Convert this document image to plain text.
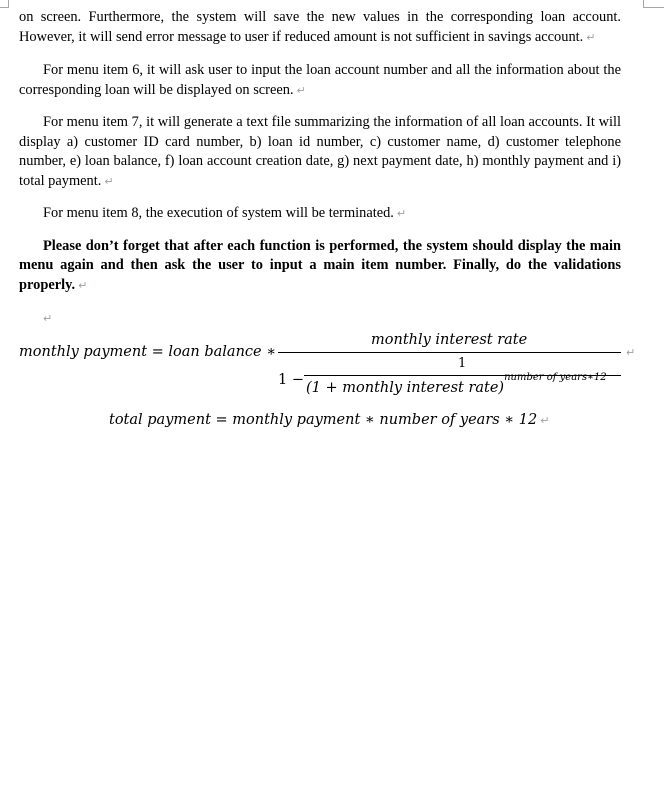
on screen. Furthermore, the system will save the new values in the corresponding loan account. However, it will send error message to user if reduced amount is not sufficient in savings account. ↵

For menu item 6, it will ask user to input the loan account number and all the information about the corresponding loan will be displayed on screen. ↵

For menu item 7, it will generate a text file summarizing the information of all loan accounts. It will display a) customer ID card number, b) loan id number, c) customer name, d) customer telephone number, e) loan balance, f) loan account creation date, g) next payment date, h) monthly payment and i) total payment. ↵

For menu item 8, the execution of system will be terminated. ↵

Please don’t forget that after each function is performed, the system should display the main menu again and then ask the user to input a main item number. Finally, do the validations properly. ↵

↵

monthly payment = loan balance ∗
monthly interest rate
1 −
1
(1 + monthly interest rate)$^{number of years∗12}$
↵
total payment = monthly payment ∗ number of years ∗ 12 ↵
